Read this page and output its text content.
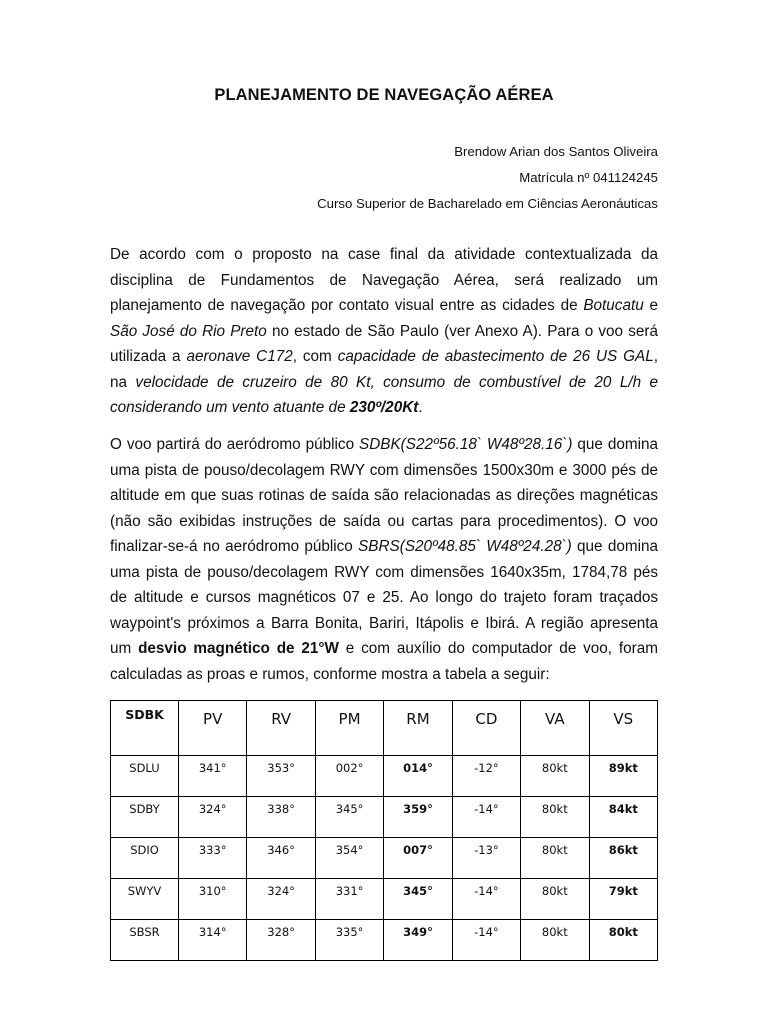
PLANEJAMENTO DE NAVEGAÇÃO AÉREA
Brendow Arian dos Santos Oliveira
Matrícula nº 041124245
Curso Superior de Bacharelado em Ciências Aeronáuticas

De acordo com o proposto na case final da atividade contextualizada da disciplina de Fundamentos de Navegação Aérea, será realizado um planejamento de navegação por contato visual entre as cidades de Botucatu e São José do Rio Preto no estado de São Paulo (ver Anexo A). Para o voo será utilizada a aeronave C172, com capacidade de abastecimento de 26 US GAL, na velocidade de cruzeiro de 80 Kt, consumo de combustível de 20 L/h e considerando um vento atuante de 230º/20Kt.

O voo partirá do aeródromo público SDBK(S22º56.18` W48º28.16`) que domina uma pista de pouso/decolagem RWY com dimensões 1500x30m e 3000 pés de altitude em que suas rotinas de saída são relacionadas as direções magnéticas (não são exibidas instruções de saída ou cartas para procedimentos). O voo finalizar-se-á no aeródromo público SBRS(S20º48.85` W48º24.28`) que domina uma pista de pouso/decolagem RWY com dimensões 1640x35m, 1784,78 pés de altitude e cursos magnéticos 07 e 25. Ao longo do trajeto foram traçados waypoint's próximos a Barra Bonita, Bariri, Itápolis e Ibirá. A região apresenta um desvio magnético de 21°W e com auxílio do computador de voo, foram calculadas as proas e rumos, conforme mostra a tabela a seguir:

SDBK	PV	RV	PM	RM	CD	VA	VS
SDLU	341°	353°	002°	014°	-12°	80kt	89kt
SDBY	324°	338°	345°	359°	-14°	80kt	84kt
SDIO	333°	346°	354°	007°	-13°	80kt	86kt
SWYV	310°	324°	331°	345°	-14°	80kt	79kt
SBSR	314°	328°	335°	349°	-14°	80kt	80kt
